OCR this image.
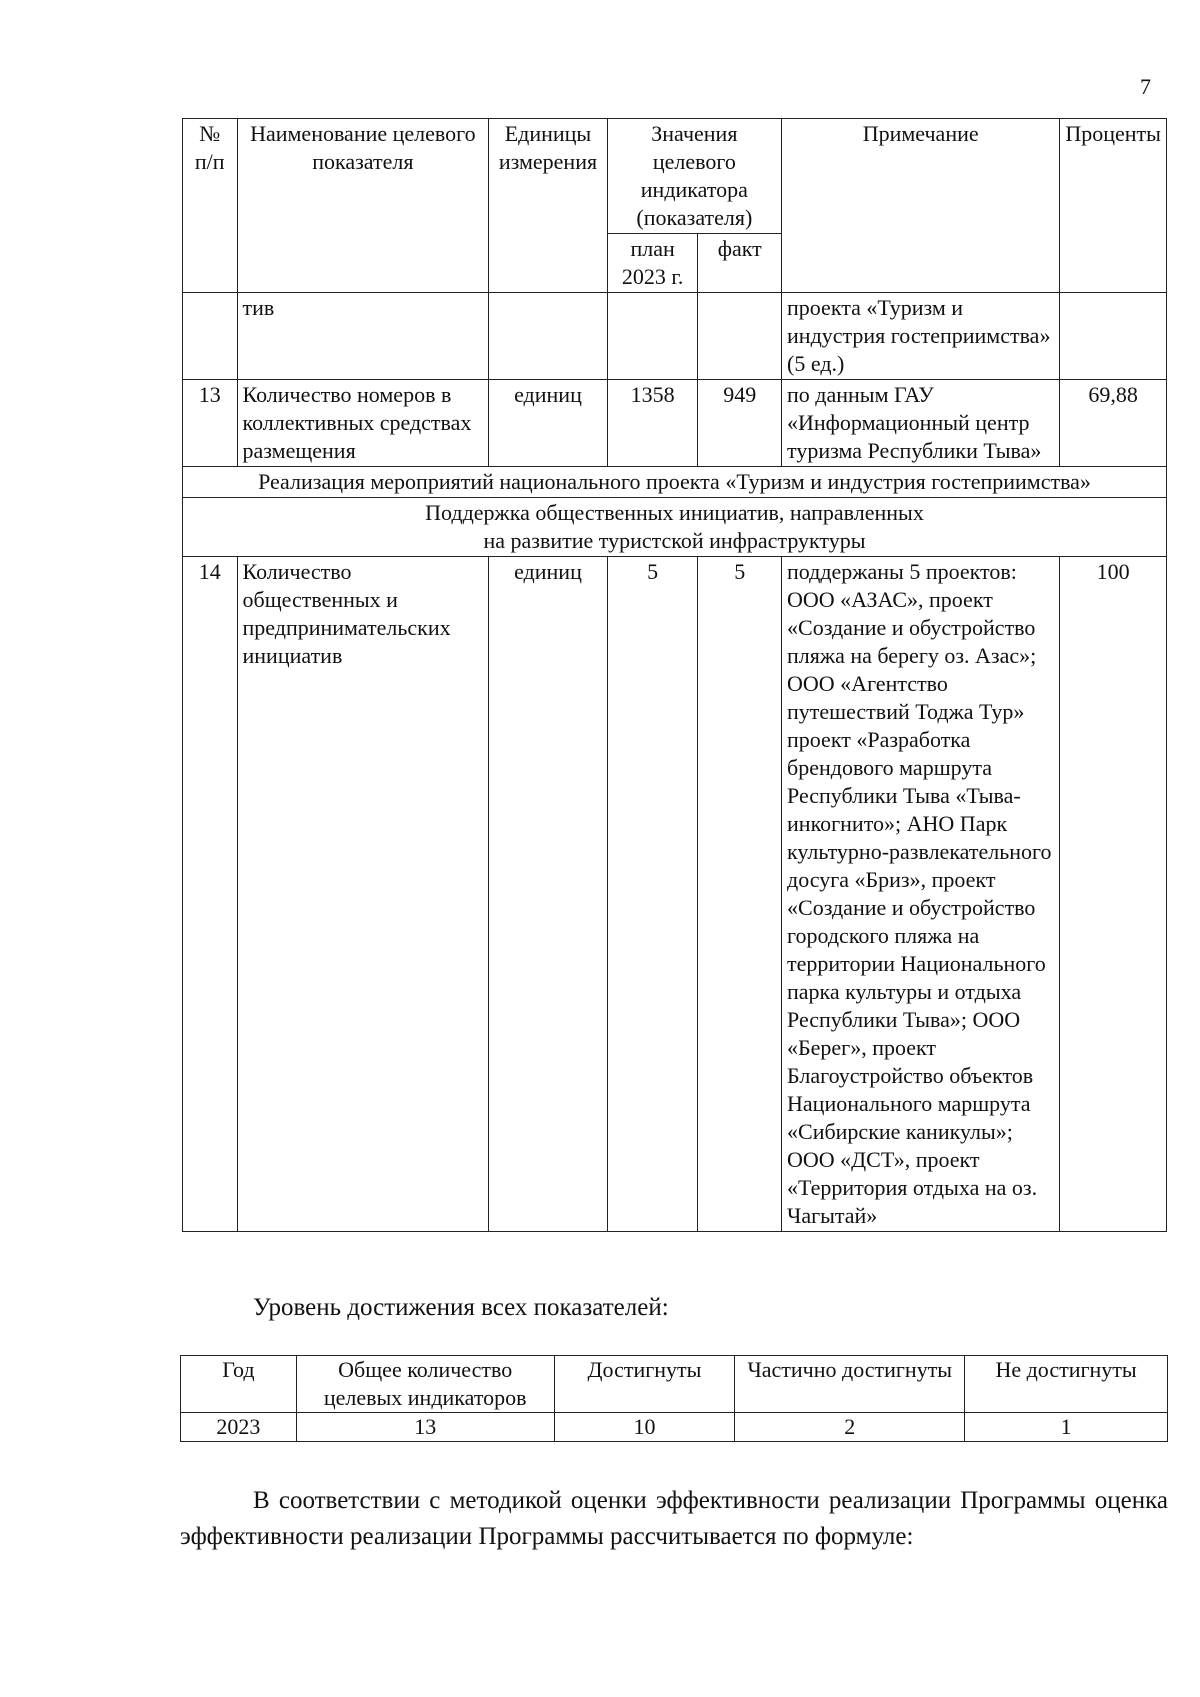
7
№ п/п	Наименование целевого показателя	Единицы измерения	Значения целевого индикатора (показателя)		Примечание	Проценты
			план 2023 г.	факт		
	тив				проекта «Туризм и индустрия гостеприимства» (5 ед.)	
13	Количество номеров в коллективных средствах размещения	единиц	1358	949	по данным ГАУ «Информационный центр туризма Республики Тыва»	69,88
Реализация мероприятий национального проекта «Туризм и индустрия гостеприимства»						
Поддержка общественных инициатив, направленных
на развитие туристской инфраструктуры						
14	Количество общественных и предпринимательских инициатив	единиц	5	5	поддержаны 5 проектов: ООО «АЗАС», проект «Создание и обустройство пляжа на берегу оз. Азас»; ООО «Агентство путешествий Тоджа Тур» проект «Разработка брендового маршрута Республики Тыва «Тыва-инкогнито»; АНО Парк культурно-развлекательного досуга «Бриз», проект «Создание и обустройство городского пляжа на территории Национального парка культуры и отдыха Республики Тыва»; ООО «Берег», проект Благоустройство объектов Национального маршрута «Сибирские каникулы»; ООО «ДСТ», проект «Территория отдыха на оз. Чагытай»	100
Уровень достижения всех показателей:
Год	Общее количество целевых индикаторов	Достигнуты	Частично достигнуты	Не достигнуты
2023	13	10	2	1
В соответствии с методикой оценки эффективности реализации Программы оценка эффективности реализации Программы рассчитывается по формуле:
